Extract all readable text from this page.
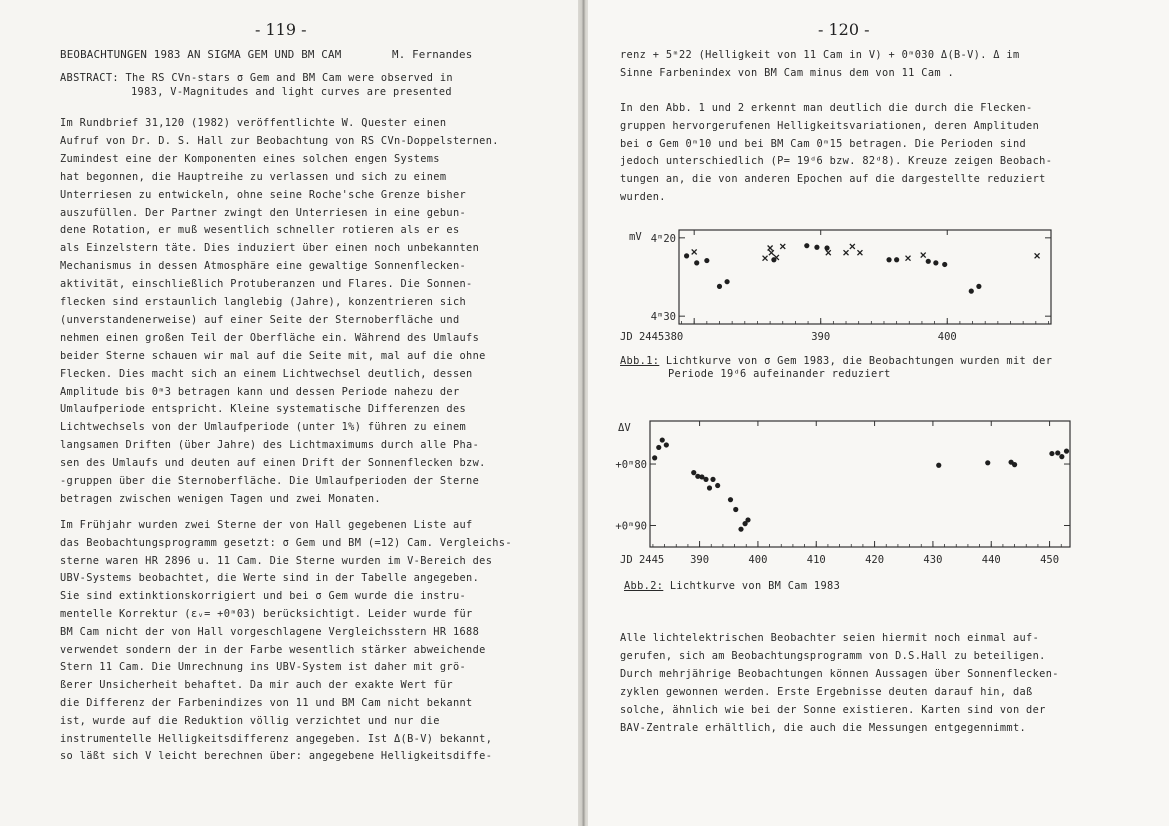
- 119 -
BEOBACHTUNGEN 1983 AN SIGMA GEM UND BM CAM	M. Fernandes
ABSTRACT: The RS CVn-stars σ Gem and BM Cam were observed in
1983, V-Magnitudes and light curves are presented
Im Rundbrief 31,120 (1982) veröffentlichte W. Quester einen
Aufruf von Dr. D. S. Hall zur Beobachtung von RS CVn-Doppelsternen.
Zumindest eine der Komponenten eines solchen engen Systems
hat begonnen, die Hauptreihe zu verlassen und sich zu einem
Unterriesen zu entwickeln, ohne seine Roche'sche Grenze bisher
auszufüllen. Der Partner zwingt den Unterriesen in eine gebun-
dene Rotation, er muß wesentlich schneller rotieren als er es
als Einzelstern täte. Dies induziert über einen noch unbekannten
Mechanismus in dessen Atmosphäre eine gewaltige Sonnenflecken-
aktivität, einschließlich Protuberanzen und Flares. Die Sonnen-
flecken sind erstaunlich langlebig (Jahre), konzentrieren sich
(unverstandenerweise) auf einer Seite der Sternoberfläche und
nehmen einen großen Teil der Oberfläche ein. Während des Umlaufs
beider Sterne schauen wir mal auf die Seite mit, mal auf die ohne
Flecken. Dies macht sich an einem Lichtwechsel deutlich, dessen
Amplitude bis 0ᵐ3 betragen kann und dessen Periode nahezu der
Umlaufperiode entspricht. Kleine systematische Differenzen des
Lichtwechsels von der Umlaufperiode (unter 1%) führen zu einem
langsamen Driften (über Jahre) des Lichtmaximums durch alle Pha-
sen des Umlaufs und deuten auf einen Drift der Sonnenflecken bzw.
-gruppen über die Sternoberfläche. Die Umlaufperioden der Sterne
betragen zwischen wenigen Tagen und zwei Monaten.
Im Frühjahr wurden zwei Sterne der von Hall gegebenen Liste auf
das Beobachtungsprogramm gesetzt: σ Gem und BM (=12) Cam. Vergleichs-
sterne waren HR 2896 u. 11 Cam. Die Sterne wurden im V-Bereich des
UBV-Systems beobachtet, die Werte sind in der Tabelle angegeben.
Sie sind extinktionskorrigiert und bei σ Gem wurde die instru-
mentelle Korrektur (εᵥ= +0ᵐ03) berücksichtigt. Leider wurde für
BM Cam nicht der von Hall vorgeschlagene Vergleichsstern HR 1688
verwendet sondern der in der Farbe wesentlich stärker abweichende
Stern 11 Cam. Die Umrechnung ins UBV-System ist daher mit grö-
ßerer Unsicherheit behaftet. Da mir auch der exakte Wert für
die Differenz der Farbenindizes von 11 und BM Cam nicht bekannt
ist, wurde auf die Reduktion völlig verzichtet und nur die
instrumentelle Helligkeitsdifferenz angegeben. Ist Δ(B-V) bekannt,
so läßt sich V leicht berechnen über: angegebene Helligkeitsdiffe-
- 120 -
renz + 5ᵐ22 (Helligkeit von 11 Cam in V) + 0ᵐ030 Δ(B-V). Δ im
Sinne Farbenindex von BM Cam minus dem von 11 Cam .
In den Abb. 1 und 2 erkennt man deutlich die durch die Flecken-
gruppen hervorgerufenen Helligkeitsvariationen, deren Amplituden
bei σ Gem 0ᵐ10 und bei BM Cam 0ᵐ15 betragen. Die Perioden sind
jedoch unterschiedlich (P= 19ᵈ6 bzw. 82ᵈ8). Kreuze zeigen Beobach-
tungen an, die von anderen Epochen auf die dargestellte reduziert
wurden.
mV 4ᵐ20
4ᵐ30
JD 2445380	390	400
Abb.1: Lichtkurve von σ Gem 1983, die Beobachtungen wurden mit der
Periode 19ᵈ6 aufeinander reduziert
ΔV
+0ᵐ80
+0ᵐ90
JD 2445 390	400	410	420	430	440	450
Abb.2: Lichtkurve von BM Cam 1983
Alle lichtelektrischen Beobachter seien hiermit noch einmal auf-
gerufen, sich am Beobachtungsprogramm von D.S.Hall zu beteiligen.
Durch mehrjährige Beobachtungen können Aussagen über Sonnenflecken-
zyklen gewonnen werden. Erste Ergebnisse deuten darauf hin, daß
solche, ähnlich wie bei der Sonne existieren. Karten sind von der
BAV-Zentrale erhältlich, die auch die Messungen entgegennimmt.
